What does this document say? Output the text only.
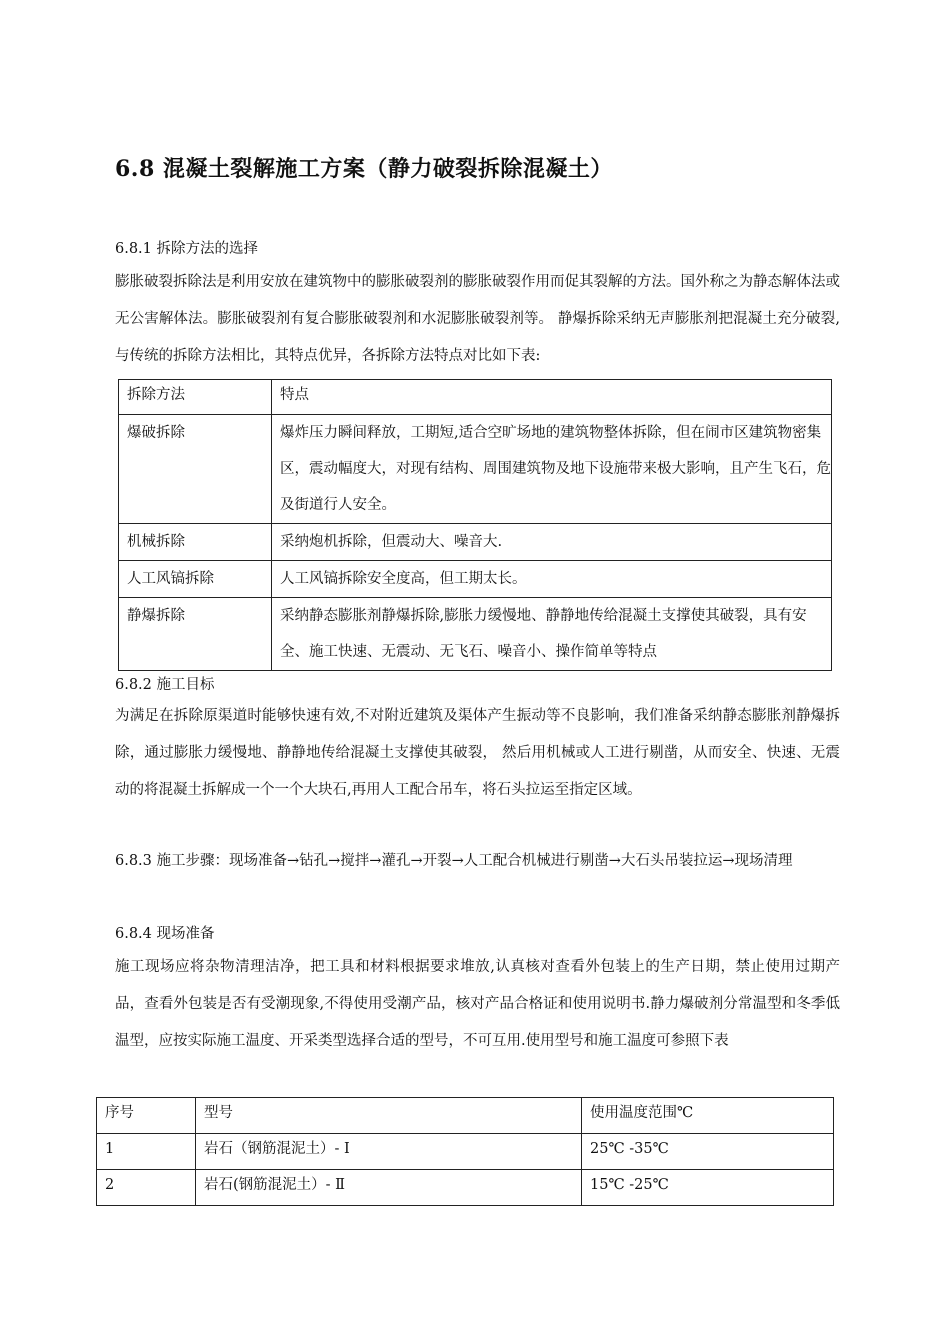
6.8 混凝土裂解施工方案（静力破裂拆除混凝土）
6.8.1 拆除方法的选择
膨胀破裂拆除法是利用安放在建筑物中的膨胀破裂剂的膨胀破裂作用而促其裂解的方法。国外称之为静态解体法或无公害解体法。膨胀破裂剂有复合膨胀破裂剂和水泥膨胀破裂剂等。 静爆拆除采纳无声膨胀剂把混凝土充分破裂,与传统的拆除方法相比，其特点优异，各拆除方法特点对比如下表:
拆除方法	特点
爆破拆除	爆炸压力瞬间释放，工期短,适合空旷场地的建筑物整体拆除，但在闹市区建筑物密集区，震动幅度大，对现有结构、周围建筑物及地下设施带来极大影响，且产生飞石，危及街道行人安全。
机械拆除	采纳炮机拆除，但震动大、噪音大.
人工风镐拆除	人工风镐拆除安全度高，但工期太长。
静爆拆除	采纳静态膨胀剂静爆拆除,膨胀力缓慢地、静静地传给混凝土支撑使其破裂，具有安全、施工快速、无震动、无飞石、噪音小、操作简单等特点
6.8.2 施工目标
为满足在拆除原渠道时能够快速有效,不对附近建筑及渠体产生振动等不良影响，我们准备采纳静态膨胀剂静爆拆除，通过膨胀力缓慢地、静静地传给混凝土支撑使其破裂， 然后用机械或人工进行剔凿，从而安全、快速、无震动的将混凝土拆解成一个一个大块石,再用人工配合吊车，将石头拉运至指定区域。
6.8.3 施工步骤：现场准备→钻孔→搅拌→灌孔→开裂→人工配合机械进行剔凿→大石头吊装拉运→现场清理
6.8.4 现场准备
施工现场应将杂物清理洁净，把工具和材料根据要求堆放,认真核对查看外包装上的生产日期，禁止使用过期产品，查看外包装是否有受潮现象,不得使用受潮产品，核对产品合格证和使用说明书.静力爆破剂分常温型和冬季低温型，应按实际施工温度、开采类型选择合适的型号，不可互用.使用型号和施工温度可参照下表
序号	型号	使用温度范围℃
1	岩石（钢筋混泥土）- Ⅰ	25℃ -35℃
2	岩石(钢筋混泥土）- Ⅱ	15℃ -25℃
